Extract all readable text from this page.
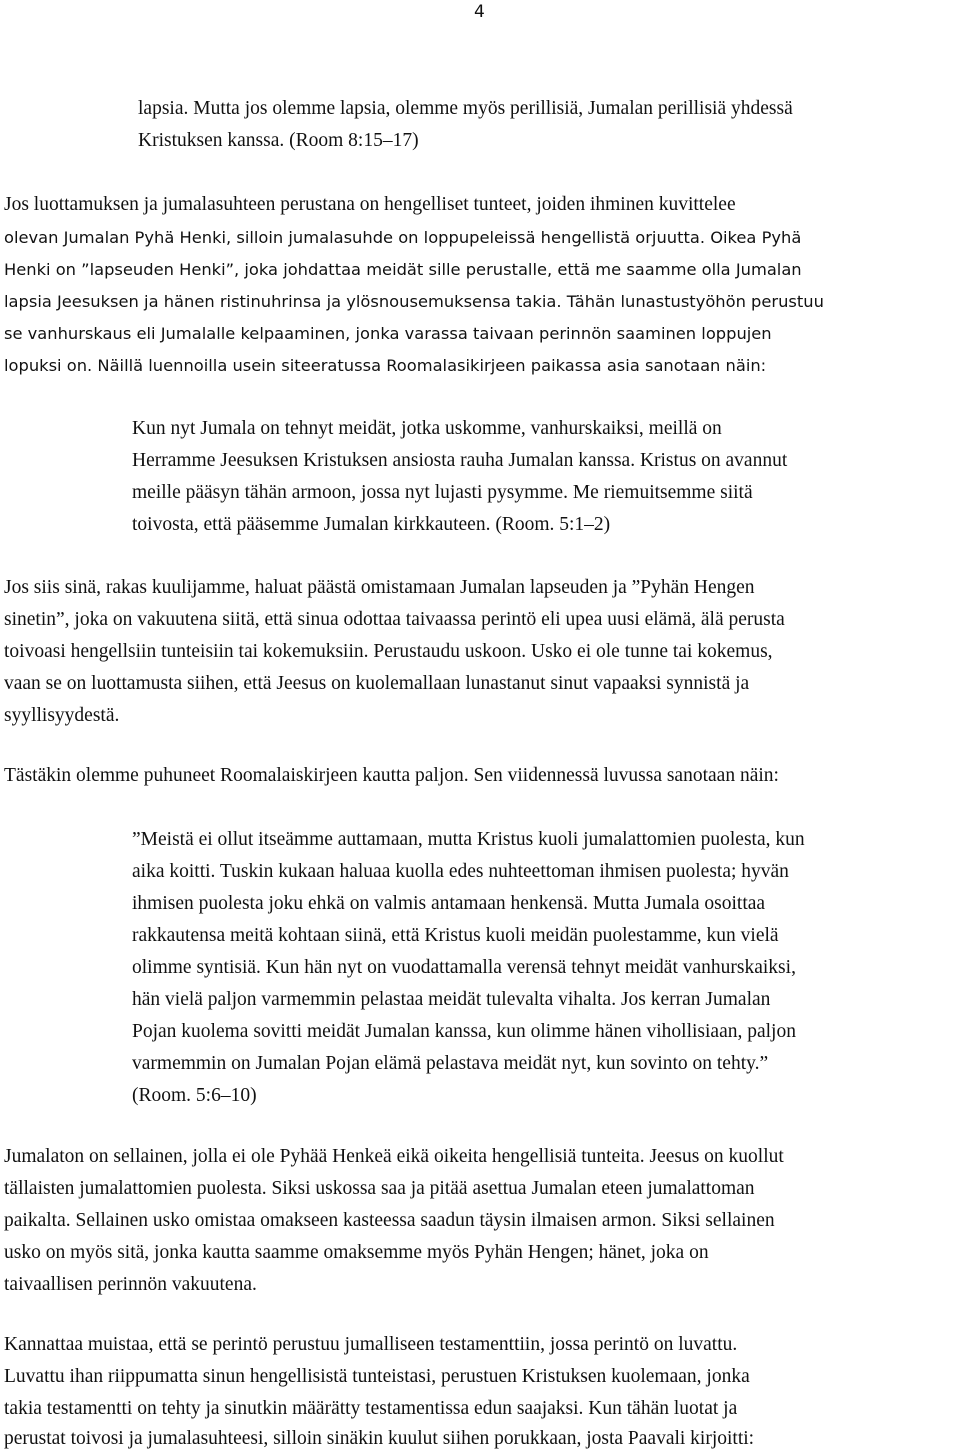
4
lapsia. Mutta jos olemme lapsia, olemme myös perillisiä, Jumalan perillisiä yhdessä
Kristuksen kanssa. (Room 8:15–17)
Jos luottamuksen ja jumalasuhteen perustana on hengelliset tunteet, joiden ihminen kuvittelee
olevan Jumalan Pyhä Henki, silloin jumalasuhde on loppupeleissä hengellistä orjuutta. Oikea Pyhä
Henki on ”lapseuden Henki”, joka johdattaa meidät sille perustalle, että me saamme olla Jumalan
lapsia Jeesuksen ja hänen ristinuhrinsa ja ylösnousemuksensa takia. Tähän lunastustyöhön perustuu
se vanhurskaus eli Jumalalle kelpaaminen, jonka varassa taivaan perinnön saaminen loppujen
lopuksi on. Näillä luennoilla usein siteeratussa Roomalasikirjeen paikassa asia sanotaan näin:
Kun nyt Jumala on tehnyt meidät, jotka uskomme, vanhurskaiksi, meillä on
Herramme Jeesuksen Kristuksen ansiosta rauha Jumalan kanssa. Kristus on avannut
meille pääsyn tähän armoon, jossa nyt lujasti pysymme. Me riemuitsemme siitä
toivosta, että pääsemme Jumalan kirkkauteen. (Room. 5:1–2)
Jos siis sinä, rakas kuulijamme, haluat päästä omistamaan Jumalan lapseuden ja ”Pyhän Hengen
sinetin”, joka on vakuutena siitä, että sinua odottaa taivaassa perintö eli upea uusi elämä, älä perusta
toivoasi hengellsiin tunteisiin tai kokemuksiin. Perustaudu uskoon. Usko ei ole tunne tai kokemus,
vaan se on luottamusta siihen, että Jeesus on kuolemallaan lunastanut sinut vapaaksi synnistä ja
syyllisyydestä.
Tästäkin olemme puhuneet Roomalaiskirjeen kautta paljon. Sen viidennessä luvussa sanotaan näin:
”Meistä ei ollut itseämme auttamaan, mutta Kristus kuoli jumalattomien puolesta, kun
aika koitti. Tuskin kukaan haluaa kuolla edes nuhteettoman ihmisen puolesta; hyvän
ihmisen puolesta joku ehkä on valmis antamaan henkensä. Mutta Jumala osoittaa
rakkautensa meitä kohtaan siinä, että Kristus kuoli meidän puolestamme, kun vielä
olimme syntisiä. Kun hän nyt on vuodattamalla verensä tehnyt meidät vanhurskaiksi,
hän vielä paljon varmemmin pelastaa meidät tulevalta vihalta. Jos kerran Jumalan
Pojan kuolema sovitti meidät Jumalan kanssa, kun olimme hänen vihollisiaan, paljon
varmemmin on Jumalan Pojan elämä pelastava meidät nyt, kun sovinto on tehty.”
(Room. 5:6–10)
Jumalaton on sellainen, jolla ei ole Pyhää Henkeä eikä oikeita hengellisiä tunteita. Jeesus on kuollut
tällaisten jumalattomien puolesta. Siksi uskossa saa ja pitää asettua Jumalan eteen jumalattoman
paikalta. Sellainen usko omistaa omakseen kasteessa saadun täysin ilmaisen armon. Siksi sellainen
usko on myös sitä, jonka kautta saamme omaksemme myös Pyhän Hengen; hänet, joka on
taivaallisen perinnön vakuutena.
Kannattaa muistaa, että se perintö perustuu jumalliseen testamenttiin, jossa perintö on luvattu.
Luvattu ihan riippumatta sinun hengellisistä tunteistasi, perustuen Kristuksen kuolemaan, jonka
takia testamentti on tehty ja sinutkin määrätty testamentissa edun saajaksi. Kun tähän luotat ja
perustat toivosi ja jumalasuhteesi, silloin sinäkin kuulut siihen porukkaan, josta Paavali kirjoitti:
